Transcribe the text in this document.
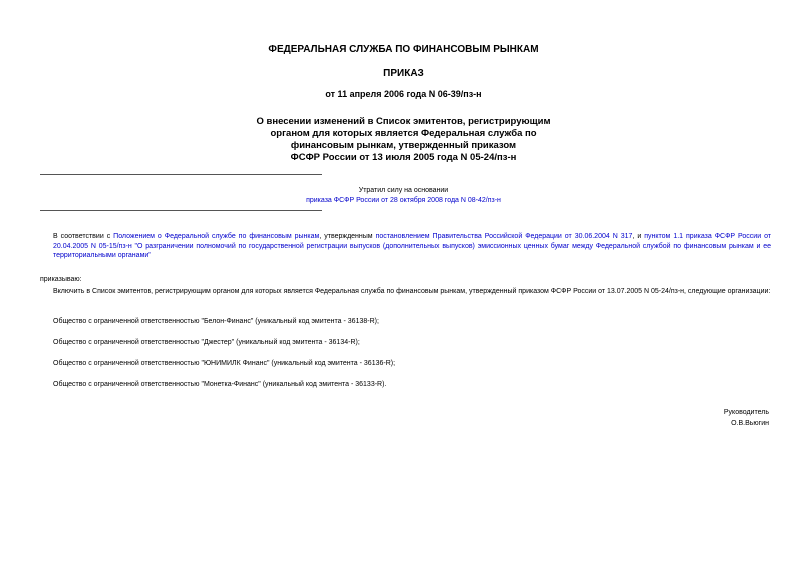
ФЕДЕРАЛЬНАЯ СЛУЖБА ПО ФИНАНСОВЫМ РЫНКАМ
ПРИКАЗ
от 11 апреля 2006 года N 06-39/пз-н
О внесении изменений в Список эмитентов, регистрирующим
органом для которых является Федеральная служба по
финансовым рынкам, утвержденный приказом
ФСФР России от 13 июля 2005 года N 05-24/пз-н
Утратил силу на основании
приказа ФСФР России от 28 октября 2008 года N 08-42/пз-н
В соответствии с Положением о Федеральной службе по финансовым рынкам, утвержденным постановлением Правительства Российской Федерации от 30.06.2004 N 317, и пунктом 1.1 приказа ФСФР России от 20.04.2005 N 05-15/пз-н "О разграничении полномочий по государственной регистрации выпусков (дополнительных выпусков) эмиссионных ценных бумаг между Федеральной службой по финансовым рынкам и ее территориальными органами"
приказываю:
Включить в Список эмитентов, регистрирующим органом для которых является Федеральная служба по финансовым рынкам, утвержденный приказом ФСФР России от 13.07.2005 N 05-24/пз-н, следующие организации:
Общество с ограниченной ответственностью "Белон-Финанс" (уникальный код эмитента - 36138-R);
Общество с ограниченной ответственностью "Джестер" (уникальный код эмитента - 36134-R);
Общество с ограниченной ответственностью "ЮНИМИЛК Финанс" (уникальный код эмитента - 36136-R);
Общество с ограниченной ответственностью "Монетка-Финанс" (уникальный код эмитента - 36133-R).
Руководитель
О.В.Вьюгин
